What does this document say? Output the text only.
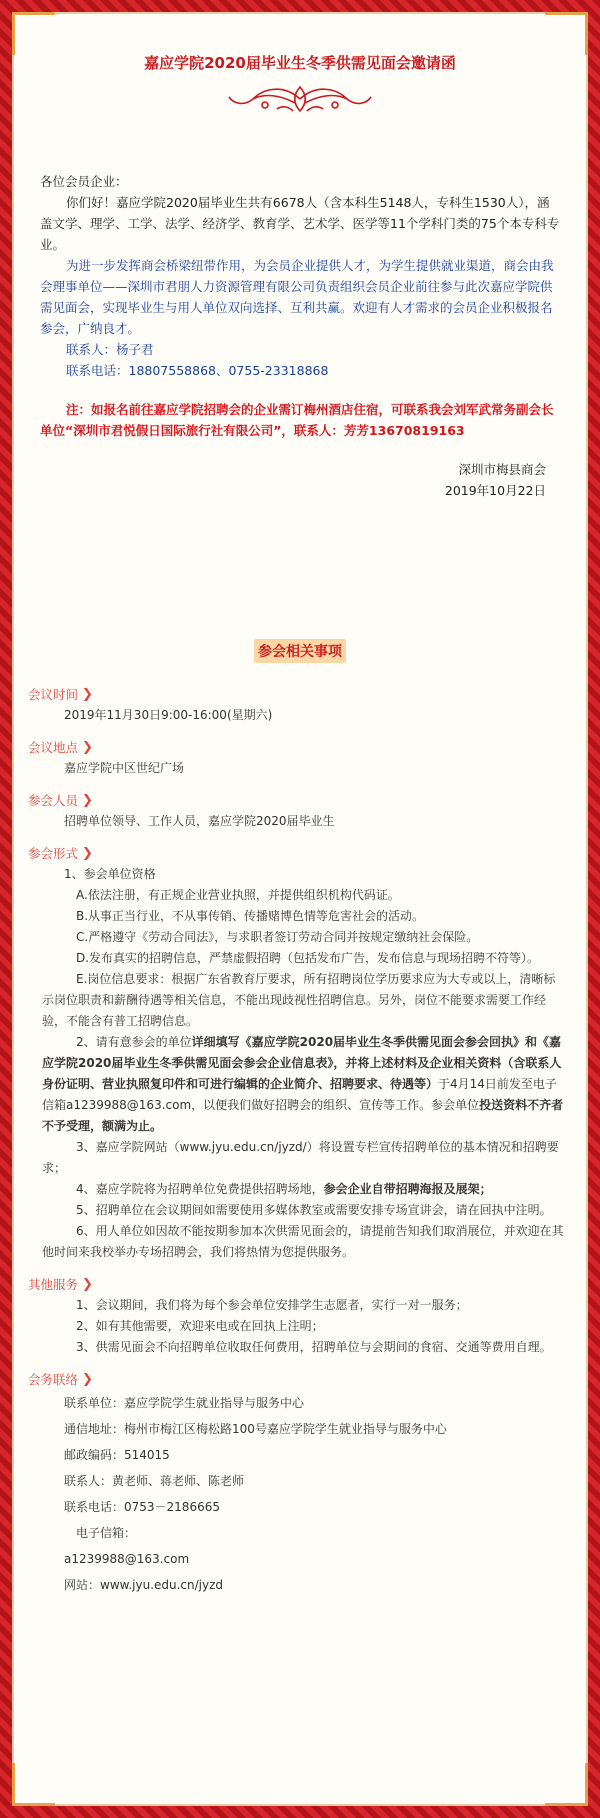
嘉应学院2020届毕业生冬季供需见面会邀请函

各位会员企业：

你们好！嘉应学院2020届毕业生共有6678人（含本科生5148人，专科生1530人），涵盖文学、理学、工学、法学、经济学、教育学、艺术学、医学等11个学科门类的75个本专科专业。

为进一步发挥商会桥梁纽带作用，为会员企业提供人才，为学生提供就业渠道，商会由我会理事单位——深圳市君朋人力资源管理有限公司负责组织会员企业前往参与此次嘉应学院供需见面会，实现毕业生与用人单位双向选择、互利共赢。欢迎有人才需求的会员企业积极报名参会，广纳良才。

联系人：杨子君

联系电话：18807558868、0755-23318868

注：如报名前往嘉应学院招聘会的企业需订梅州酒店住宿，可联系我会刘军武常务副会长单位“深圳市君悦假日国际旅行社有限公司”，联系人：芳芳13670819163

深圳市梅县商会

2019年10月22日

参会相关事项
会议时间 ❯

2019年11月30日9:00-16:00(星期六)

会议地点 ❯

嘉应学院中区世纪广场

参会人员 ❯

招聘单位领导、工作人员，嘉应学院2020届毕业生

参会形式 ❯

1、参会单位资格

A.依法注册，有正规企业营业执照，并提供组织机构代码证。

B.从事正当行业，不从事传销、传播赌博色情等危害社会的活动。

C.严格遵守《劳动合同法》，与求职者签订劳动合同并按规定缴纳社会保险。

D.发布真实的招聘信息，严禁虚假招聘（包括发布广告，发布信息与现场招聘不符等）。

E.岗位信息要求：根据广东省教育厅要求，所有招聘岗位学历要求应为大专或以上，清晰标示岗位职责和薪酬待遇等相关信息，不能出现歧视性招聘信息。另外，岗位不能要求需要工作经验，不能含有普工招聘信息。

2、请有意参会的单位详细填写《嘉应学院2020届毕业生冬季供需见面会参会回执》和《嘉应学院2020届毕业生冬季供需见面会参会企业信息表》，并将上述材料及企业相关资料（含联系人身份证明、营业执照复印件和可进行编辑的企业简介、招聘要求、待遇等）于4月14日前发至电子信箱a1239988@163.com，以便我们做好招聘会的组织、宣传等工作。参会单位投送资料不齐者不予受理，额满为止。

3、嘉应学院网站（www.jyu.edu.cn/jyzd/）将设置专栏宣传招聘单位的基本情况和招聘要求；

4、嘉应学院将为招聘单位免费提供招聘场地，参会企业自带招聘海报及展架；

5、招聘单位在会议期间如需要使用多媒体教室或需要安排专场宣讲会，请在回执中注明。

6、用人单位如因故不能按期参加本次供需见面会的，请提前告知我们取消展位，并欢迎在其他时间来我校举办专场招聘会，我们将热情为您提供服务。

其他服务 ❯

1、会议期间，我们将为每个参会单位安排学生志愿者，实行一对一服务；

2、如有其他需要，欢迎来电或在回执上注明；

3、供需见面会不向招聘单位收取任何费用，招聘单位与会期间的食宿、交通等费用自理。

会务联络 ❯

联系单位：嘉应学院学生就业指导与服务中心

通信地址：梅州市梅江区梅松路100号嘉应学院学生就业指导与服务中心

邮政编码：514015

联系人：黄老师、蒋老师、陈老师

联系电话：0753－2186665

电子信箱：

a1239988@163.com

网站：www.jyu.edu.cn/jyzd
